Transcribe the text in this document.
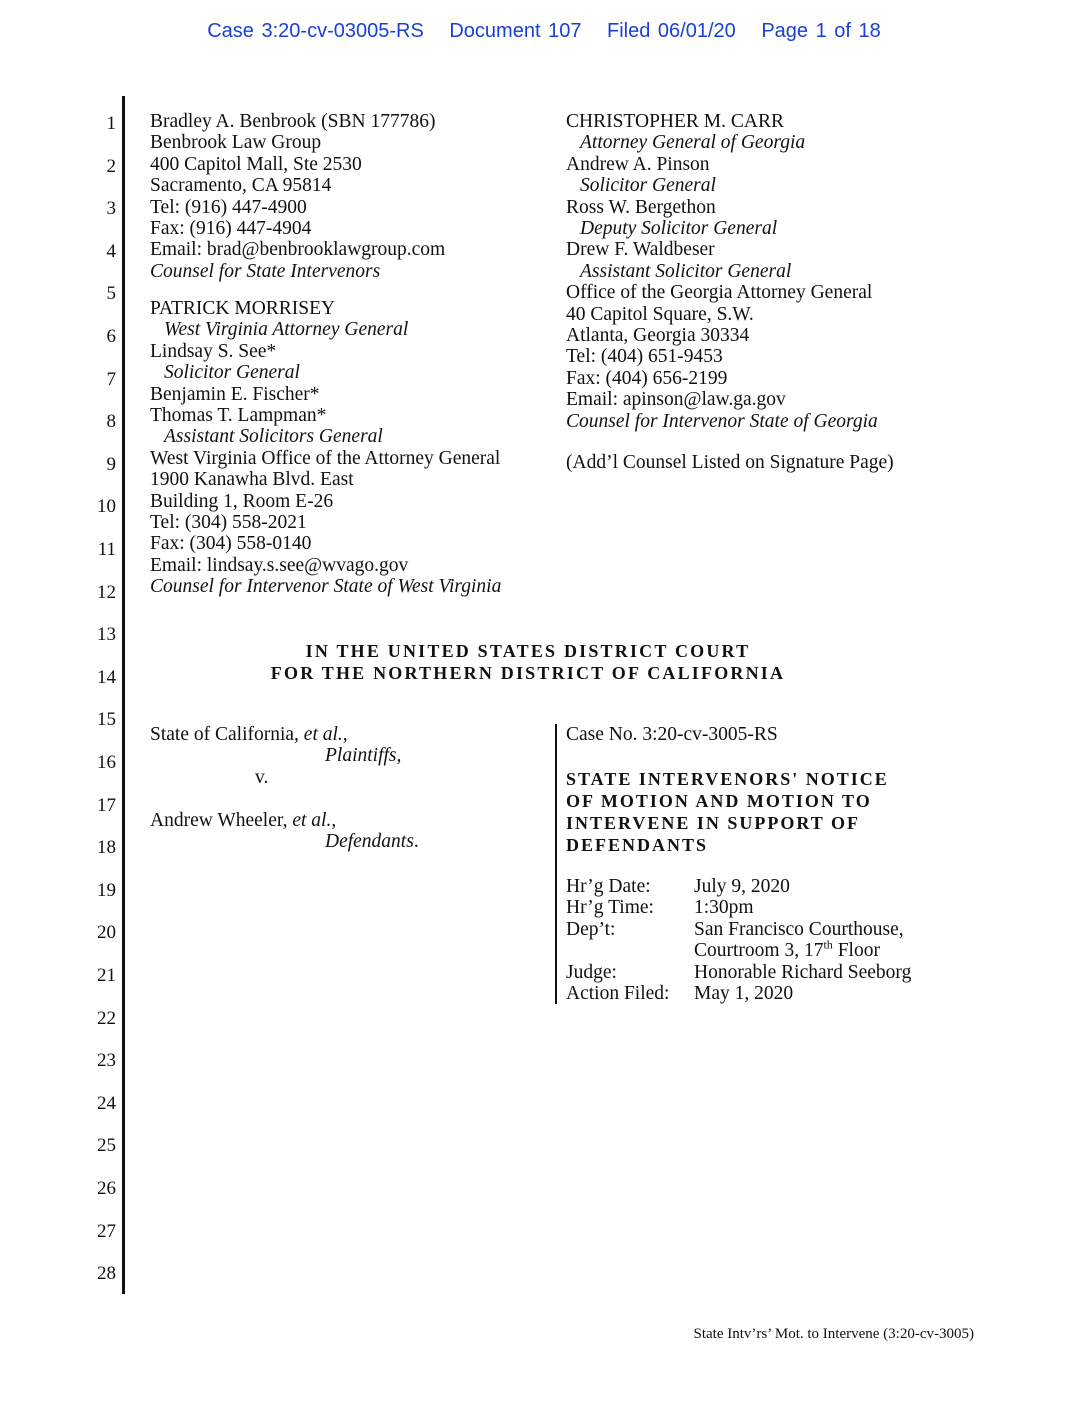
Case 3:20-cv-03005-RS Document 107 Filed 06/01/20 Page 1 of 18
1
2
3
4
5
6
7
8
9
10
11
12
13
14
15
16
17
18
19
20
21
22
23
24
25
26
27
28
Bradley A. Benbrook (SBN 177786)
Benbrook Law Group
400 Capitol Mall, Ste 2530
Sacramento, CA 95814
Tel: (916) 447-4900
Fax: (916) 447-4904
Email: brad@benbrooklawgroup.com
Counsel for State Intervenors
PATRICK MORRISEY
West Virginia Attorney General
Lindsay S. See*
Solicitor General
Benjamin E. Fischer*
Thomas T. Lampman*
Assistant Solicitors General
West Virginia Office of the Attorney General
1900 Kanawha Blvd. East
Building 1, Room E-26
Tel: (304) 558-2021
Fax: (304) 558-0140
Email: lindsay.s.see@wvago.gov
Counsel for Intervenor State of West Virginia
CHRISTOPHER M. CARR
Attorney General of Georgia
Andrew A. Pinson
Solicitor General
Ross W. Bergethon
Deputy Solicitor General
Drew F. Waldbeser
Assistant Solicitor General
Office of the Georgia Attorney General
40 Capitol Square, S.W.
Atlanta, Georgia 30334
Tel: (404) 651-9453
Fax: (404) 656-2199
Email: apinson@law.ga.gov
Counsel for Intervenor State of Georgia
(Add’l Counsel Listed on Signature Page)
IN THE UNITED STATES DISTRICT COURT
FOR THE NORTHERN DISTRICT OF CALIFORNIA
State of California, et al.,
Plaintiffs,
v.

Andrew Wheeler, et al.,
Defendants.
Case No. 3:20-cv-3005-RS
STATE INTERVENORS' NOTICE
OF MOTION AND MOTION TO
INTERVENE IN SUPPORT OF
DEFENDANTS
Hr’g Date:	July 9, 2020
Hr’g Time:	1:30pm
Dep’t:	San Francisco Courthouse,
Courtroom 3, 17th Floor
Judge:	Honorable Richard Seeborg
Action Filed:	May 1, 2020
State Intv’rs’ Mot. to Intervene (3:20-cv-3005)
